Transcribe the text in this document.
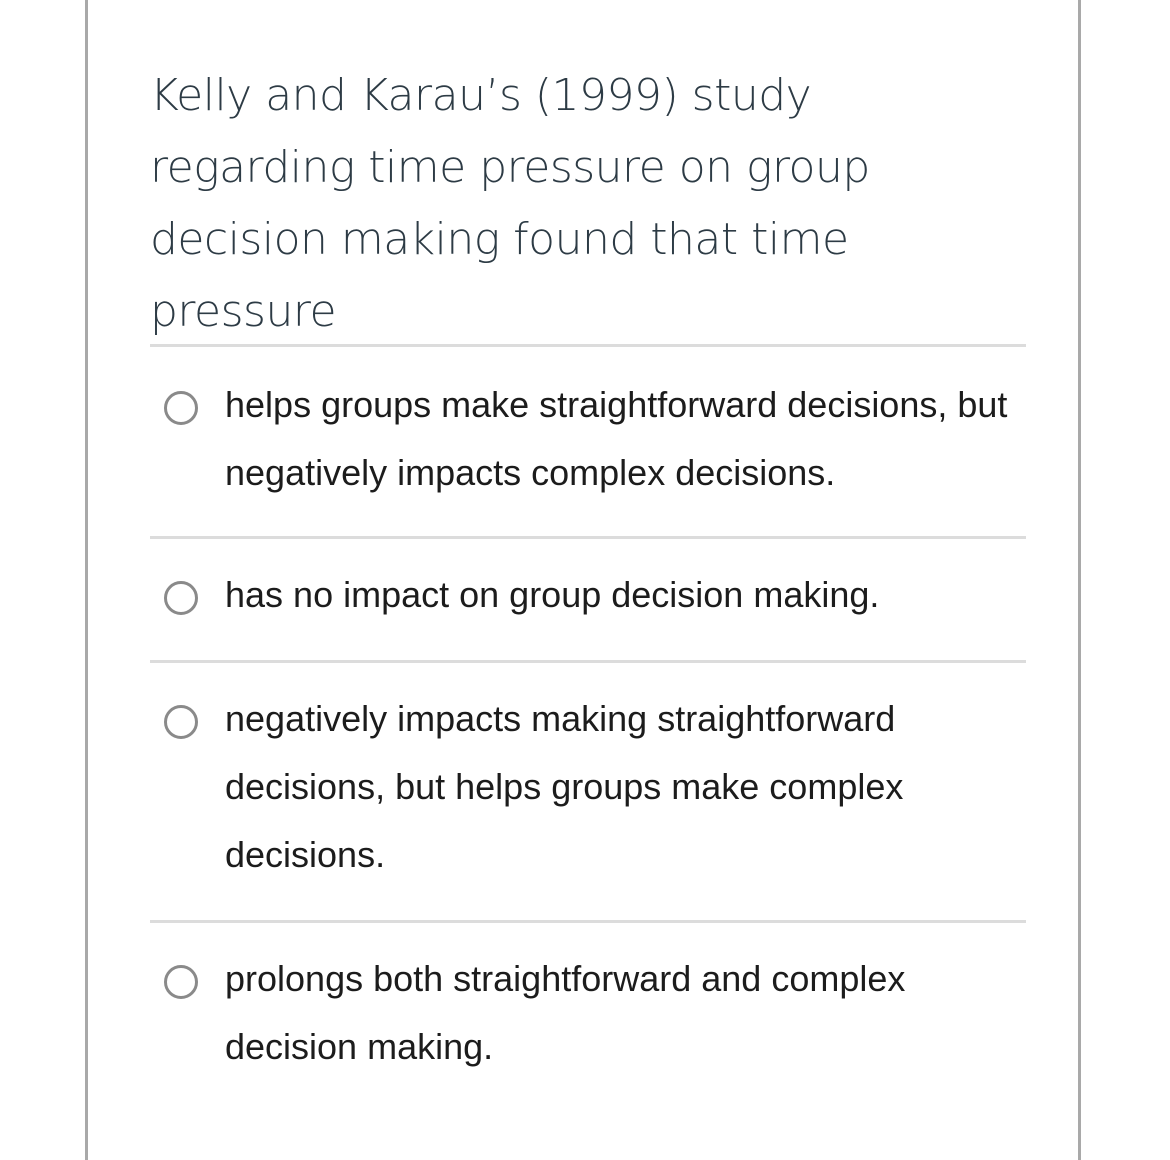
Kelly and Karau’s (1999) study regarding time pressure on group decision making found that time pressure

helps groups make straightforward decisions, but negatively impacts complex decisions.
has no impact on group decision making.
negatively impacts making straightforward decisions, but helps groups make complex decisions.
prolongs both straightforward and complex decision making.
